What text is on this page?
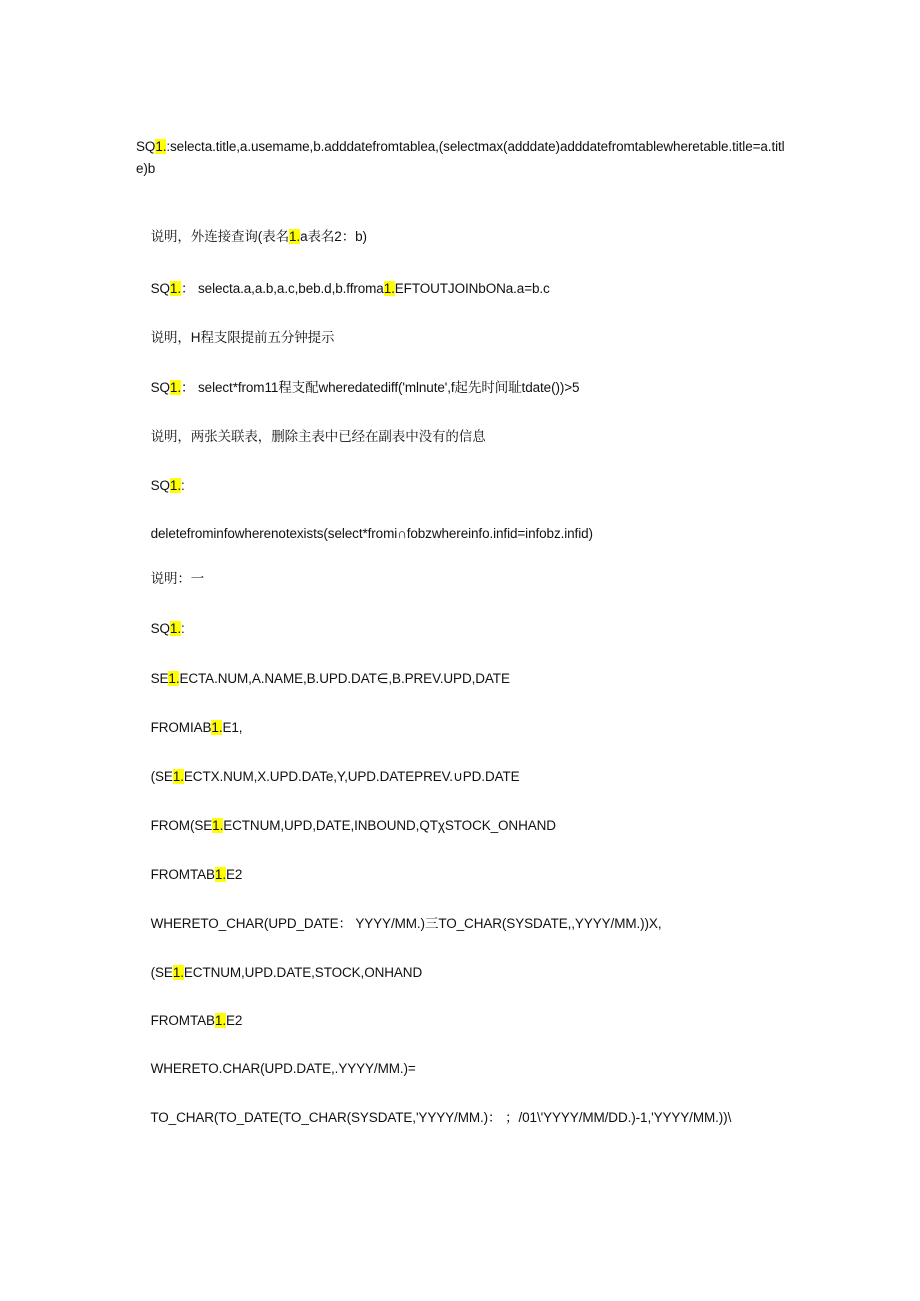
SQ1.:selecta.title,a.usemame,b.adddatefromtablea,(selectmax(adddate)adddatefromtablewheretable.title=a.title)b

说明，外连接查询(表名1.a表名2：b)

SQ1.： selecta.a,a.b,a.c,beb.d,b.ffroma1.EFTOUTJOINbONa.a=b.c

说明，H程支限提前五分钟提示

SQ1.： select*from11程支配wheredatediff('mlnute',f起先时间耻tdate())>5

说明，两张关联表，删除主表中已经在副表中没有的信息

SQ1.:

deletefrominfowherenotexists(select*fromi∩fobzwhereinfo.infid=infobz.infid)

说明：一

SQ1.:

SE1.ECTA.NUM,A.NAME,B.UPD.DAT∈,B.PREV.UPD,DATE

FROMIAB1.E1,

(SE1.ECTX.NUM,X.UPD.DATe,Y,UPD.DATEPREV.∪PD.DATE

FROM(SE1.ECTNUM,UPD,DATE,INBOUND,QTχSTOCK_ONHAND

FROMTAB1.E2

WHERETO_CHAR(UPD_DATE： YYYY/MM.)三TO_CHAR(SYSDATE,,YYYY/MM.))X,

(SE1.ECTNUM,UPD.DATE,STOCK,ONHAND

FROMTAB1.E2

WHERETO.CHAR(UPD.DATE,.YYYY/MM.)=

TO_CHAR(TO_DATE(TO_CHAR(SYSDATE,'YYYY/MM.)： ；/01\'YYYY/MM/DD.)-1,'YYYY/MM.))\
